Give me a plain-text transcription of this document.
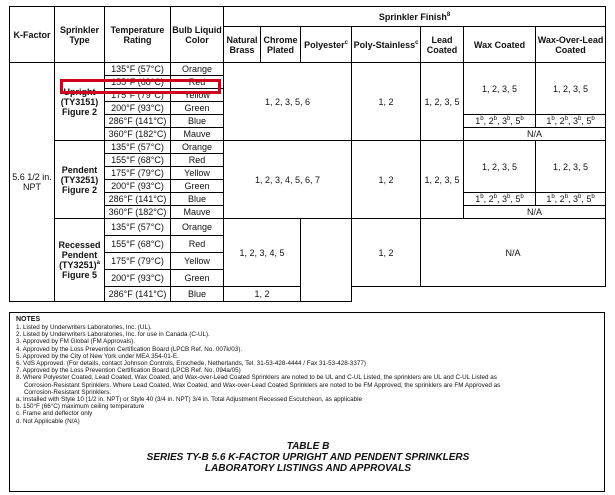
K-Factor	Sprinkler Type	Temperature Rating	Bulb Liquid Color	Sprinkler Finish$^8$
				Natural Brass	Chrome Plated	Polyester$^c$	Poly-Stainless$^c$	Lead Coated	Wax Coated	Wax-Over-Lead Coated
5.6 1/2 in. NPT	Upright (TY3151) Figure 2	135°F (57°C)	Orange	1, 2, 3, 5, 6			1, 2	1, 2, 3, 5	1, 2, 3, 5	1, 2, 3, 5
		155°F (68°C)	Red							
		175°F (79°C)	Yellow							
		200°F (93°C)	Green							
		286°F (141°C)	Blue						1$^b$, 2$^b$, 3$^b$, 5$^b$	1$^b$, 2$^b$, 3$^b$, 5$^b$
		360°F (182°C)	Mauve						N/A	
	Pendent (TY3251) Figure 2	135°F (57°C)	Orange	1, 2, 3, 4, 5, 6, 7			1, 2	1, 2, 3, 5	1, 2, 3, 5	1, 2, 3, 5
		155°F (68°C)	Red							
		175°F (79°C)	Yellow							
		200°F (93°C)	Green							
		286°F (141°C)	Blue						1$^b$, 2$^b$, 3$^b$, 5$^b$	1$^b$, 2$^b$, 3$^b$, 5$^b$
		360°F (182°C)	Mauve						N/A	
	Recessed
Pendent
$(TY3251)^a$
Figure 5	135°F (57°C)	Orange	1, 2, 3, 4, 5			1, 2	N/A		
		155°F (68°C)	Red							
		175°F (79°C)	Yellow							
		200°F (93°C)	Green							
		286°F (141°C)	Blue	1, 2						
NOTES
1. Listed by Underwriters Laboratories, Inc. (UL).
2. Listed by Underwriters Laboratories, Inc. for use in Canada (C-UL).
3. Approved by FM Global (FM Approvals).
4. Approved by the Loss Prevention Certification Board (LPCB Ref. No. 007k/03).
5. Approved by the City of New York under MEA 354-01-E.
6. VdS Approved. (For details, contact Johnson Controls, Enschede, Netherlands, Tel. 31-53-428-4444 / Fax 31-53-428-3377)
7. Approved by the Loss Prevention Certification Board (LPCB Ref. No. 094a/05)
8. Where Polyester Coated, Lead Coated, Wax Coated, and Wax-over-Lead Coated Sprinklers are noted to be UL and C-UL Listed, the sprinklers are UL and C-UL Listed as
Corrosion-Resistant Sprinklers. Where Lead Coated, Wax Coated, and Wax-over-Lead Coated Sprinklers are noted to be FM Approved, the sprinklers are FM Approved as
Corrosion-Resistant Sprinklers.
a. Installed with Style 10 (1/2 in. NPT) or Style 40 (3/4 in. NPT) 3/4 in. Total Adjustment Recessed Escutcheon, as applicable
b. 150°F (66°C) maximum ceiling temperature
c. Frame and deflector only
d. Not Applicable (N/A)
TABLE B
SERIES TY-B 5.6 K-FACTOR UPRIGHT AND PENDENT SPRINKLERS
LABORATORY LISTINGS AND APPROVALS
